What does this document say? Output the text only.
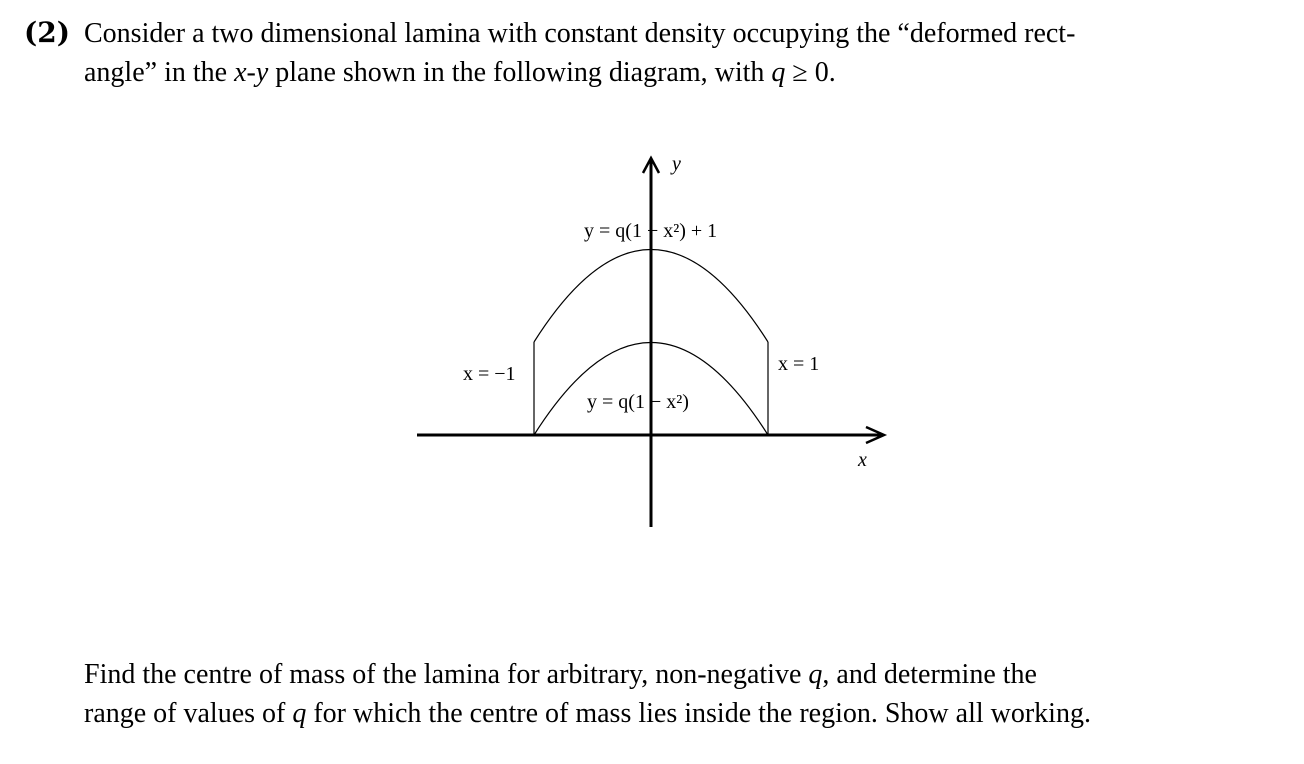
(2) Consider a two dimensional lamina with constant density occupying the “deformed rect-
angle” in the x-y plane shown in the following diagram, with q ≥ 0.
y
x
y = q(1 − x²) + 1
y = q(1 − x²)
x = −1	x = 1
Find the centre of mass of the lamina for arbitrary, non-negative q, and determine the
range of values of q for which the centre of mass lies inside the region. Show all working.
